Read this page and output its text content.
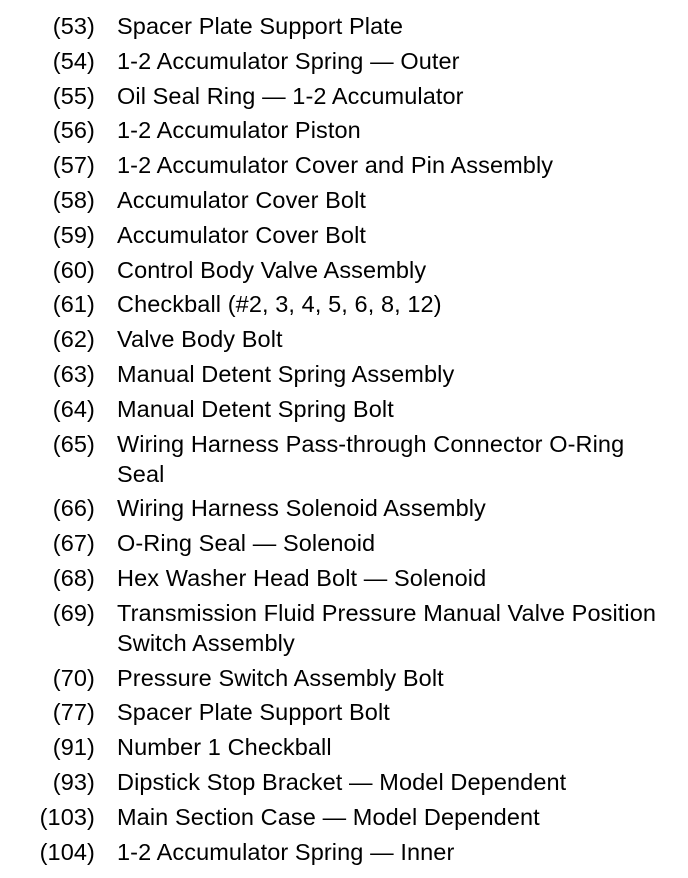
(53) Spacer Plate Support Plate
(54) 1-2 Accumulator Spring — Outer
(55) Oil Seal Ring — 1-2 Accumulator
(56) 1-2 Accumulator Piston
(57) 1-2 Accumulator Cover and Pin Assembly
(58) Accumulator Cover Bolt
(59) Accumulator Cover Bolt
(60) Control Body Valve Assembly
(61) Checkball (#2, 3, 4, 5, 6, 8, 12)
(62) Valve Body Bolt
(63) Manual Detent Spring Assembly
(64) Manual Detent Spring Bolt
(65) Wiring Harness Pass-through Connector O-Ring Seal
(66) Wiring Harness Solenoid Assembly
(67) O-Ring Seal — Solenoid
(68) Hex Washer Head Bolt — Solenoid
(69) Transmission Fluid Pressure Manual Valve Position Switch Assembly
(70) Pressure Switch Assembly Bolt
(77) Spacer Plate Support Bolt
(91) Number 1 Checkball
(93) Dipstick Stop Bracket — Model Dependent
(103) Main Section Case — Model Dependent
(104) 1-2 Accumulator Spring — Inner
